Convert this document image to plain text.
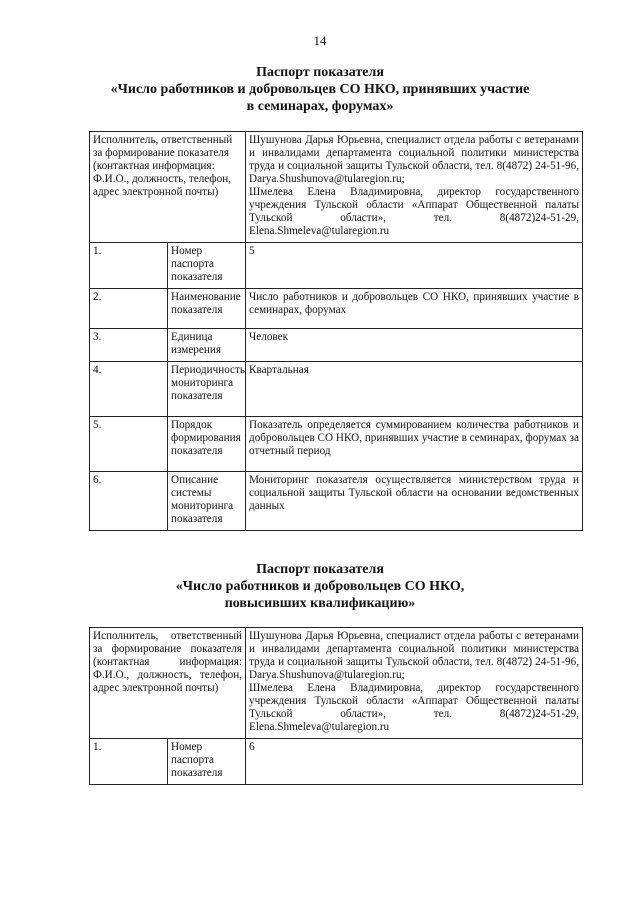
14
Паспорт показателя
«Число работников и добровольцев СО НКО, принявших участие
в семинарах, форумах»
Исполнитель, ответственный за формирование показателя (контактная информация: Ф.И.О., должность, телефон, адрес электронной почты)		Шушунова Дарья Юрьевна, специалист отдела работы с ветеранами и инвалидами департамента социальной политики министерства труда и социальной защиты Тульской области, тел. 8(4872) 24-51-96, Darya.Shushunova@tularegion.ru;
Шмелева Елена Владимировна, директор государственного учреждения Тульской области «Аппарат Общественной палаты Тульской области», тел. 8(4872)24-51-29, Elena.Shmeleva@tularegion.ru

1.	Номер паспорта показателя	5
2.	Наименование показателя	Число работников и добровольцев СО НКО, принявших участие в семинарах, форумах
3.	Единица измерения	Человек
4.	Периодичность мониторинга показателя	Квартальная
5.	Порядок формирования показателя	Показатель определяется суммированием количества работников и добровольцев СО НКО, принявших участие в семинарах, форумах за отчетный период
6.	Описание системы мониторинга показателя	Мониторинг показателя осуществляется министерством труда и социальной защиты Тульской области на основании ведомственных данных
Паспорт показателя
«Число работников и добровольцев СО НКО,
повысивших квалификацию»
Исполнитель, ответственный за формирование показателя (контактная информация: Ф.И.О., должность, телефон, адрес электронной почты)		Шушунова Дарья Юрьевна, специалист отдела работы с ветеранами и инвалидами департамента социальной политики министерства труда и социальной защиты Тульской области, тел. 8(4872) 24-51-96, Darya.Shushunova@tularegion.ru;
Шмелева Елена Владимировна, директор государственного учреждения Тульской области «Аппарат Общественной палаты Тульской области», тел. 8(4872)24-51-29, Elena.Shmeleva@tularegion.ru

1.	Номер паспорта показателя	6
